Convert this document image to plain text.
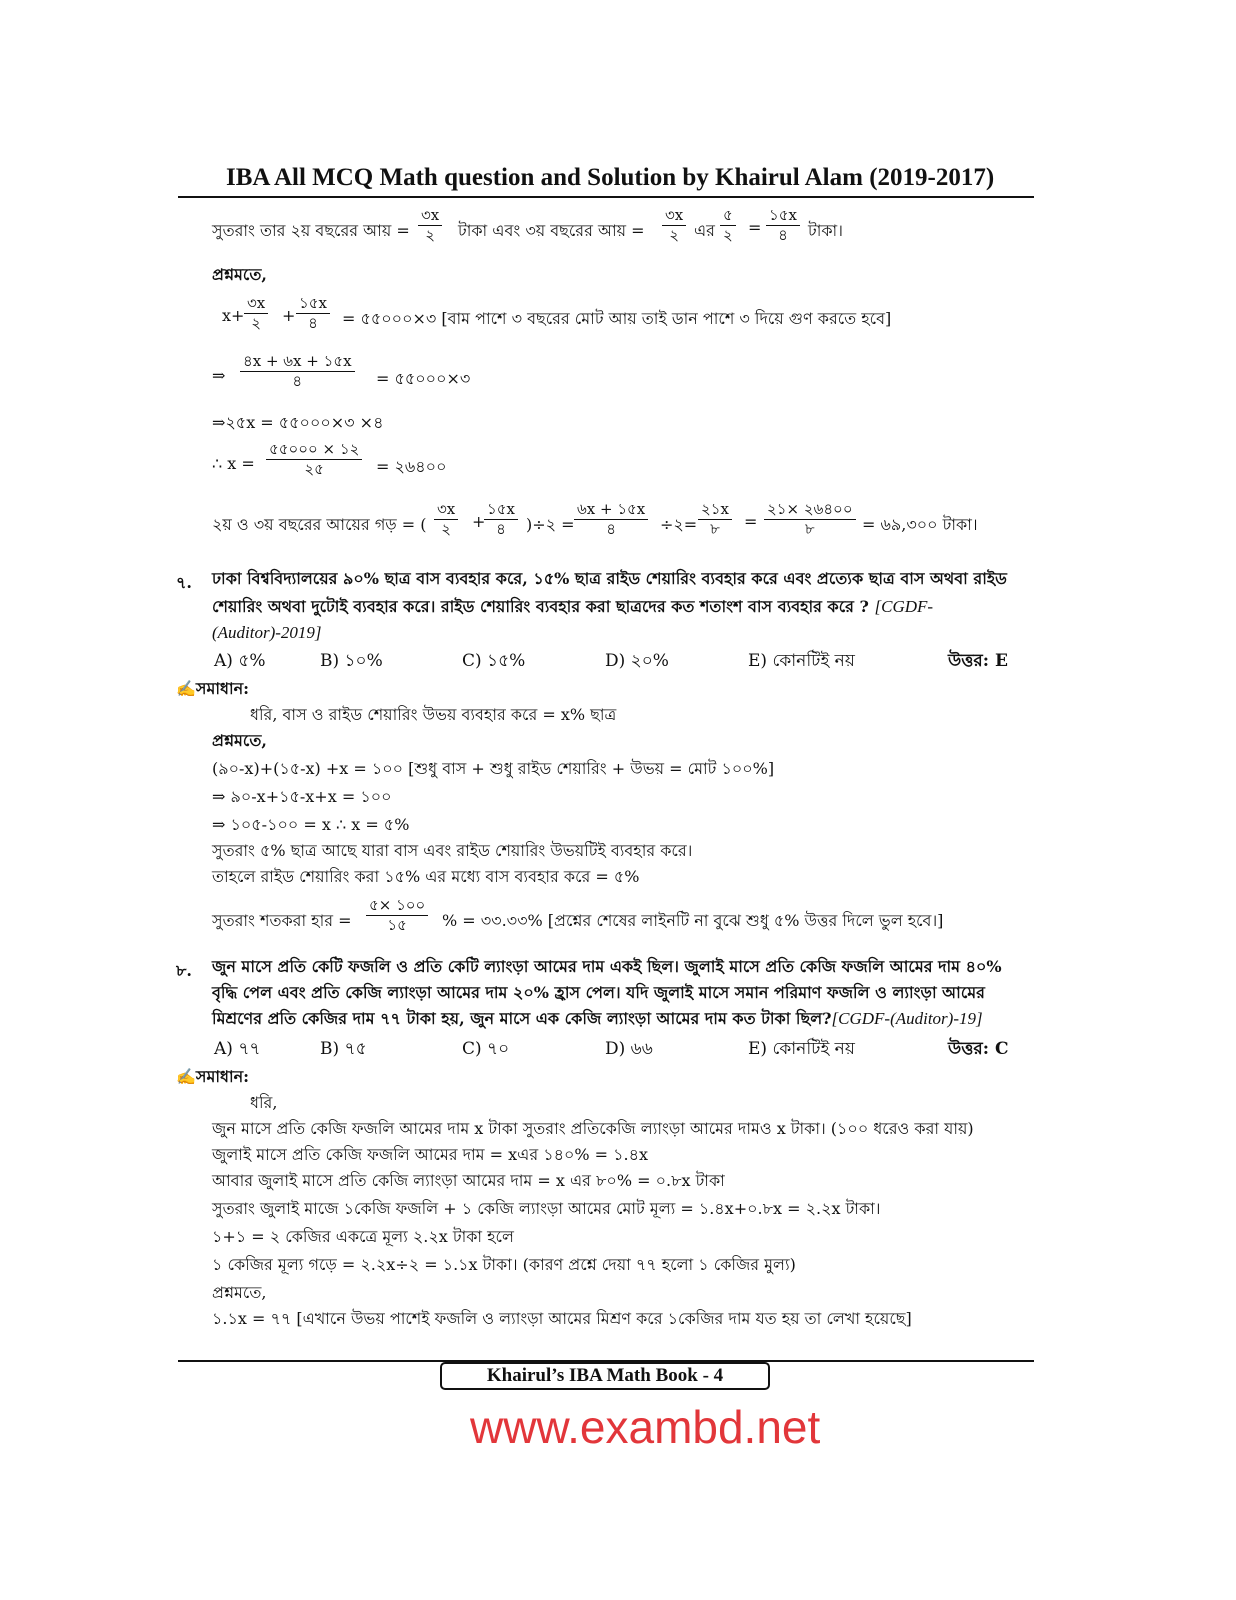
IBA All MCQ Math question and Solution by Khairul Alam (2019-2017)
সুতরাং তার ২য় বছরের আয় =
৩x
২ টাকা এবং ৩য় বছরের আয় =
৩x
২ এর
৫
২ =
১৫x
৪ টাকা।
প্রশ্নমতে,
x+
৩x
২ +
১৫x
৪ = ৫৫০০০×৩ [বাম পাশে ৩ বছরের মোট আয় তাই ডান পাশে ৩ দিয়ে গুণ করতে হবে]
⇒
৪x + ৬x + ১৫x
৪	= ৫৫০০০×৩
⇒২৫x = ৫৫০০০×৩ ×৪
∴ x =
৫৫০০০ × ১২
২৫	= ২৬৪০০
২য় ও ৩য় বছরের আয়ের গড় = (
৩x
২ +
১৫x
৪ )÷২ =
৬x + ১৫x
৪	÷২=
২১x
৮ =
২১× ২৬৪০০
৮	= ৬৯,৩০০ টাকা।
৭. ঢাকা বিশ্ববিদ্যালয়ের ৯০% ছাত্র বাস ব্যবহার করে, ১৫% ছাত্র রাইড শেয়ারিং ব্যবহার করে এবং প্রত্যেক ছাত্র বাস অথবা রাইড
শেয়ারিং অথবা দুটোই ব্যবহার করে। রাইড শেয়ারিং ব্যবহার করা ছাত্রদের কত শতাংশ বাস ব্যবহার করে ? [CGDF-
(Auditor)-2019]
A) ৫%	B) ১০%	C) ১৫%	D) ২০%	E) কোনটিই নয়	উত্তর: E
✍সমাধান:
ধরি, বাস ও রাইড শেয়ারিং উভয় ব্যবহার করে = x% ছাত্র
প্রশ্নমতে,
(৯০-x)+(১৫-x) +x = ১০০ [শুধু বাস + শুধু রাইড শেয়ারিং + উভয় = মোট ১০০%]
⇒ ৯০-x+১৫-x+x = ১০০
⇒ ১০৫-১০০ = x ∴ x = ৫%
সুতরাং ৫% ছাত্র আছে যারা বাস এবং রাইড শেয়ারিং উভয়টিই ব্যবহার করে।
তাহলে রাইড শেয়ারিং করা ১৫% এর মধ্যে বাস ব্যবহার করে = ৫%
সুতরাং শতকরা হার =
৫× ১০০
১৫ % = ৩৩.৩৩% [প্রশ্নের শেষের লাইনটি না বুঝে শুধু ৫% উত্তর দিলে ভুল হবে।]
৮. জুন মাসে প্রতি কেটি ফজলি ও প্রতি কেটি ল্যাংড়া আমের দাম একই ছিল। জুলাই মাসে প্রতি কেজি ফজলি আমের দাম ৪০%
বৃদ্ধি পেল এবং প্রতি কেজি ল্যাংড়া আমের দাম ২০% হ্রাস পেল। যদি জুলাই মাসে সমান পরিমাণ ফজলি ও ল্যাংড়া আমের
মিশ্রণের প্রতি কেজির দাম ৭৭ টাকা হয়, জুন মাসে এক কেজি ল্যাংড়া আমের দাম কত টাকা ছিল?[CGDF-(Auditor)-19]
A) ৭৭	B) ৭৫	C) ৭০	D) ৬৬	E) কোনটিই নয়	উত্তর: C
✍সমাধান:
ধরি,
জুন মাসে প্রতি কেজি ফজলি আমের দাম x টাকা সুতরাং প্রতিকেজি ল্যাংড়া আমের দামও x টাকা। (১০০ ধরেও করা যায়)
জুলাই মাসে প্রতি কেজি ফজলি আমের দাম = xএর ১৪০% = ১.৪x
আবার জুলাই মাসে প্রতি কেজি ল্যাংড়া আমের দাম = x এর ৮০% = ০.৮x টাকা
সুতরাং জুলাই মাজে ১কেজি ফজলি + ১ কেজি ল্যাংড়া আমের মোট মূল্য = ১.৪x+০.৮x = ২.২x টাকা।
১+১ = ২ কেজির একত্রে মূল্য ২.২x টাকা হলে
১ কেজির মূল্য গড়ে = ২.২x÷২ = ১.১x টাকা। (কারণ প্রশ্নে দেয়া ৭৭ হলো ১ কেজির মুল্য)
প্রশ্নমতে,
১.১x = ৭৭ [এখানে উভয় পাশেই ফজলি ও ল্যাংড়া আমের মিশ্রণ করে ১কেজির দাম যত হয় তা লেখা হয়েছে]
Khairul’s IBA Math Book - 4
www.exambd.net
